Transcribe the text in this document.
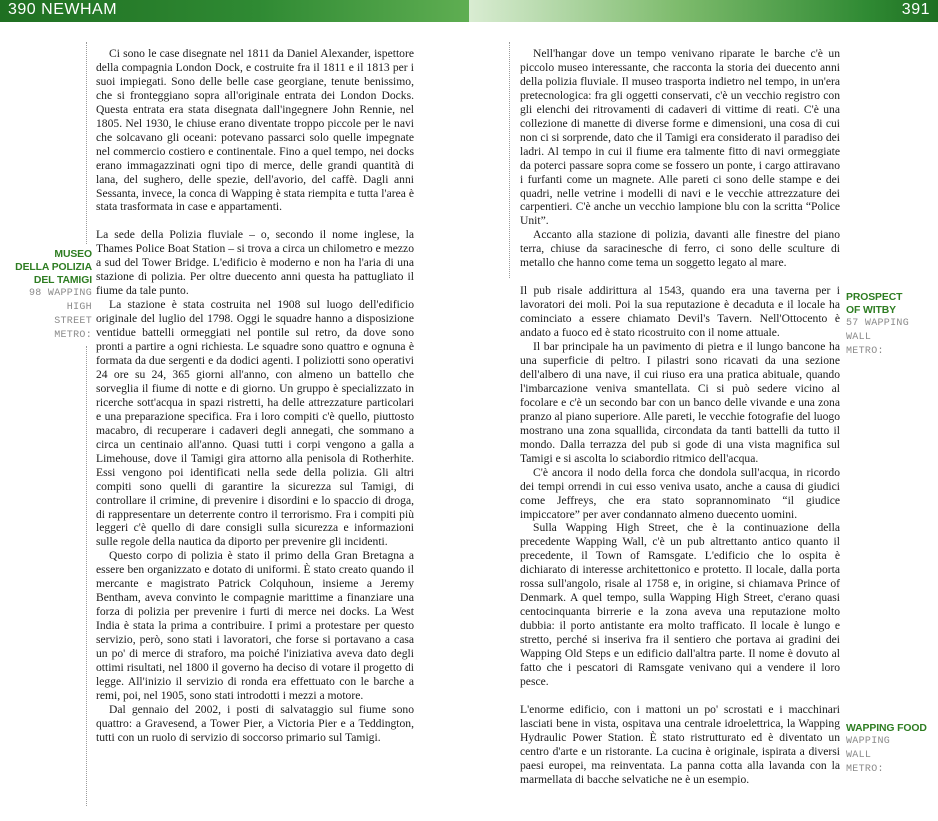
390 NEWHAM	391

Ci sono le case disegnate nel 1811 da Daniel Alexander, ispettore della compagnia London Dock, e costruite fra il 1811 e il 1813 per i suoi impiegati. Sono delle belle case georgiane, tenute benissimo, che si fronteggiano sopra all'originale entrata dei London Docks. Questa entrata era stata disegnata dall'ingegnere John Rennie, nel 1805. Nel 1930, le chiuse erano diventate troppo piccole per le navi che solcavano gli oceani: potevano passarci solo quelle impegnate nel commercio costiero e continentale. Fino a quel tempo, nei docks erano immagazzinati ogni tipo di merce, delle grandi quantità di lana, del sughero, delle spezie, dell'avorio, del caffè. Dagli anni Sessanta, invece, la conca di Wapping è stata riempita e tutta l'area è stata trasformata in case e appartamenti.

La sede della Polizia fluviale – o, secondo il nome inglese, la Thames Police Boat Station – si trova a circa un chilometro e mezzo a sud del Tower Bridge. L'edificio è moderno e non ha l'aria di una stazione di polizia. Per oltre duecento anni questa ha pattugliato il fiume da tale punto.

La stazione è stata costruita nel 1908 sul luogo dell'edificio originale del luglio del 1798. Oggi le squadre hanno a disposizione ventidue battelli ormeggiati nel pontile sul retro, da dove sono pronti a partire a ogni richiesta. Le squadre sono quattro e ognuna è formata da due sergenti e da dodici agenti. I poliziotti sono operativi 24 ore su 24, 365 giorni all'anno, con almeno un battello che sorveglia il fiume di notte e di giorno. Un gruppo è specializzato in ricerche sott'acqua in spazi ristretti, ha delle attrezzature particolari e una preparazione specifica. Fra i loro compiti c'è quello, piuttosto macabro, di recuperare i cadaveri degli annegati, che sommano a circa un centinaio all'anno. Quasi tutti i corpi vengono a galla a Limehouse, dove il Tamigi gira attorno alla penisola di Rotherhite. Essi vengono poi identificati nella sede della polizia. Gli altri compiti sono quelli di garantire la sicurezza sul Tamigi, di controllare il crimine, di prevenire i disordini e lo spaccio di droga, di rappresentare un deterrente contro il terrorismo. Fra i compiti più leggeri c'è quello di dare consigli sulla sicurezza e informazioni sulle regole della nautica da diporto per prevenire gli incidenti.

Questo corpo di polizia è stato il primo della Gran Bretagna a essere ben organizzato e dotato di uniformi. È stato creato quando il mercante e magistrato Patrick Colquhoun, insieme a Jeremy Bentham, aveva convinto le compagnie marittime a finanziare una forza di polizia per prevenire i furti di merce nei docks. La West India è stata la prima a contribuire. I primi a protestare per questo servizio, però, sono stati i lavoratori, che forse si portavano a casa un po' di merce di straforo, ma poiché l'iniziativa aveva dato degli ottimi risultati, nel 1800 il governo ha deciso di votare il progetto di legge. All'inizio il servizio di ronda era effettuato con le barche a remi, poi, nel 1905, sono stati introdotti i mezzi a motore.

Dal gennaio del 2002, i posti di salvataggio sul fiume sono quattro: a Gravesend, a Tower Pier, a Victoria Pier e a Teddington, tutti con un ruolo di servizio di soccorso primario sul Tamigi.

MUSEO
DELLA POLIZIA
DEL TAMIGI
98 WAPPING
HIGH
STREET
METRO:

Nell'hangar dove un tempo venivano riparate le barche c'è un piccolo museo interessante, che racconta la storia dei duecento anni della polizia fluviale. Il museo trasporta indietro nel tempo, in un'era pretecnologica: fra gli oggetti conservati, c'è un vecchio registro con gli elenchi dei ritrovamenti di cadaveri di vittime di reati. C'è una collezione di manette di diverse forme e dimensioni, una cosa di cui non ci si sorprende, dato che il Tamigi era considerato il paradiso dei ladri. Al tempo in cui il fiume era talmente fitto di navi ormeggiate da poterci passare sopra come se fossero un ponte, i cargo attiravano i furfanti come un magnete. Alle pareti ci sono delle stampe e dei quadri, nelle vetrine i modelli di navi e le vecchie attrezzature dei carpentieri. C'è anche un vecchio lampione blu con la scritta “Police Unit”.

Accanto alla stazione di polizia, davanti alle finestre del piano terra, chiuse da saracinesche di ferro, ci sono delle sculture di metallo che hanno come tema un soggetto legato al mare.

Il pub risale addirittura al 1543, quando era una taverna per i lavoratori dei moli. Poi la sua reputazione è decaduta e il locale ha cominciato a essere chiamato Devil's Tavern. Nell'Ottocento è andato a fuoco ed è stato ricostruito con il nome attuale.

Il bar principale ha un pavimento di pietra e il lungo bancone ha una superficie di peltro. I pilastri sono ricavati da una sezione dell'albero di una nave, il cui riuso era una pratica abituale, quando l'imbarcazione veniva smantellata. Ci si può sedere vicino al focolare e c'è un secondo bar con un banco delle vivande e una zona pranzo al piano superiore. Alle pareti, le vecchie fotografie del luogo mostrano una zona squallida, circondata da tanti battelli da tutto il mondo. Dalla terrazza del pub si gode di una vista magnifica sul Tamigi e si ascolta lo sciabordio ritmico dell'acqua.

C'è ancora il nodo della forca che dondola sull'acqua, in ricordo dei tempi orrendi in cui esso veniva usato, anche a causa di giudici come Jeffreys, che era stato soprannominato “il giudice impiccatore” per aver condannato almeno duecento uomini.

Sulla Wapping High Street, che è la continuazione della precedente Wapping Wall, c'è un pub altrettanto antico quanto il precedente, il Town of Ramsgate. L'edificio che lo ospita è dichiarato di interesse architettonico e protetto. Il locale, dalla porta rossa sull'angolo, risale al 1758 e, in origine, si chiamava Prince of Denmark. A quel tempo, sulla Wapping High Street, c'erano quasi centocinquanta birrerie e la zona aveva una reputazione molto dubbia: il porto antistante era molto trafficato. Il locale è lungo e stretto, perché si inseriva fra il sentiero che portava ai gradini dei Wapping Old Steps e un edificio dall'altra parte. Il nome è dovuto al fatto che i pescatori di Ramsgate venivano qui a vendere il loro pesce.

L'enorme edificio, con i mattoni un po' scrostati e i macchinari lasciati bene in vista, ospitava una centrale idroelettrica, la Wapping Hydraulic Power Station. È stato ristrutturato ed è diventato un centro d'arte e un ristorante. La cucina è originale, ispirata a diversi paesi europei, ma reinventata. La panna cotta alla lavanda con la marmellata di bacche selvatiche ne è un esempio.

PROSPECT
OF WITBY
57 WAPPING
WALL
METRO:
WAPPING FOOD
WAPPING
WALL
METRO:
